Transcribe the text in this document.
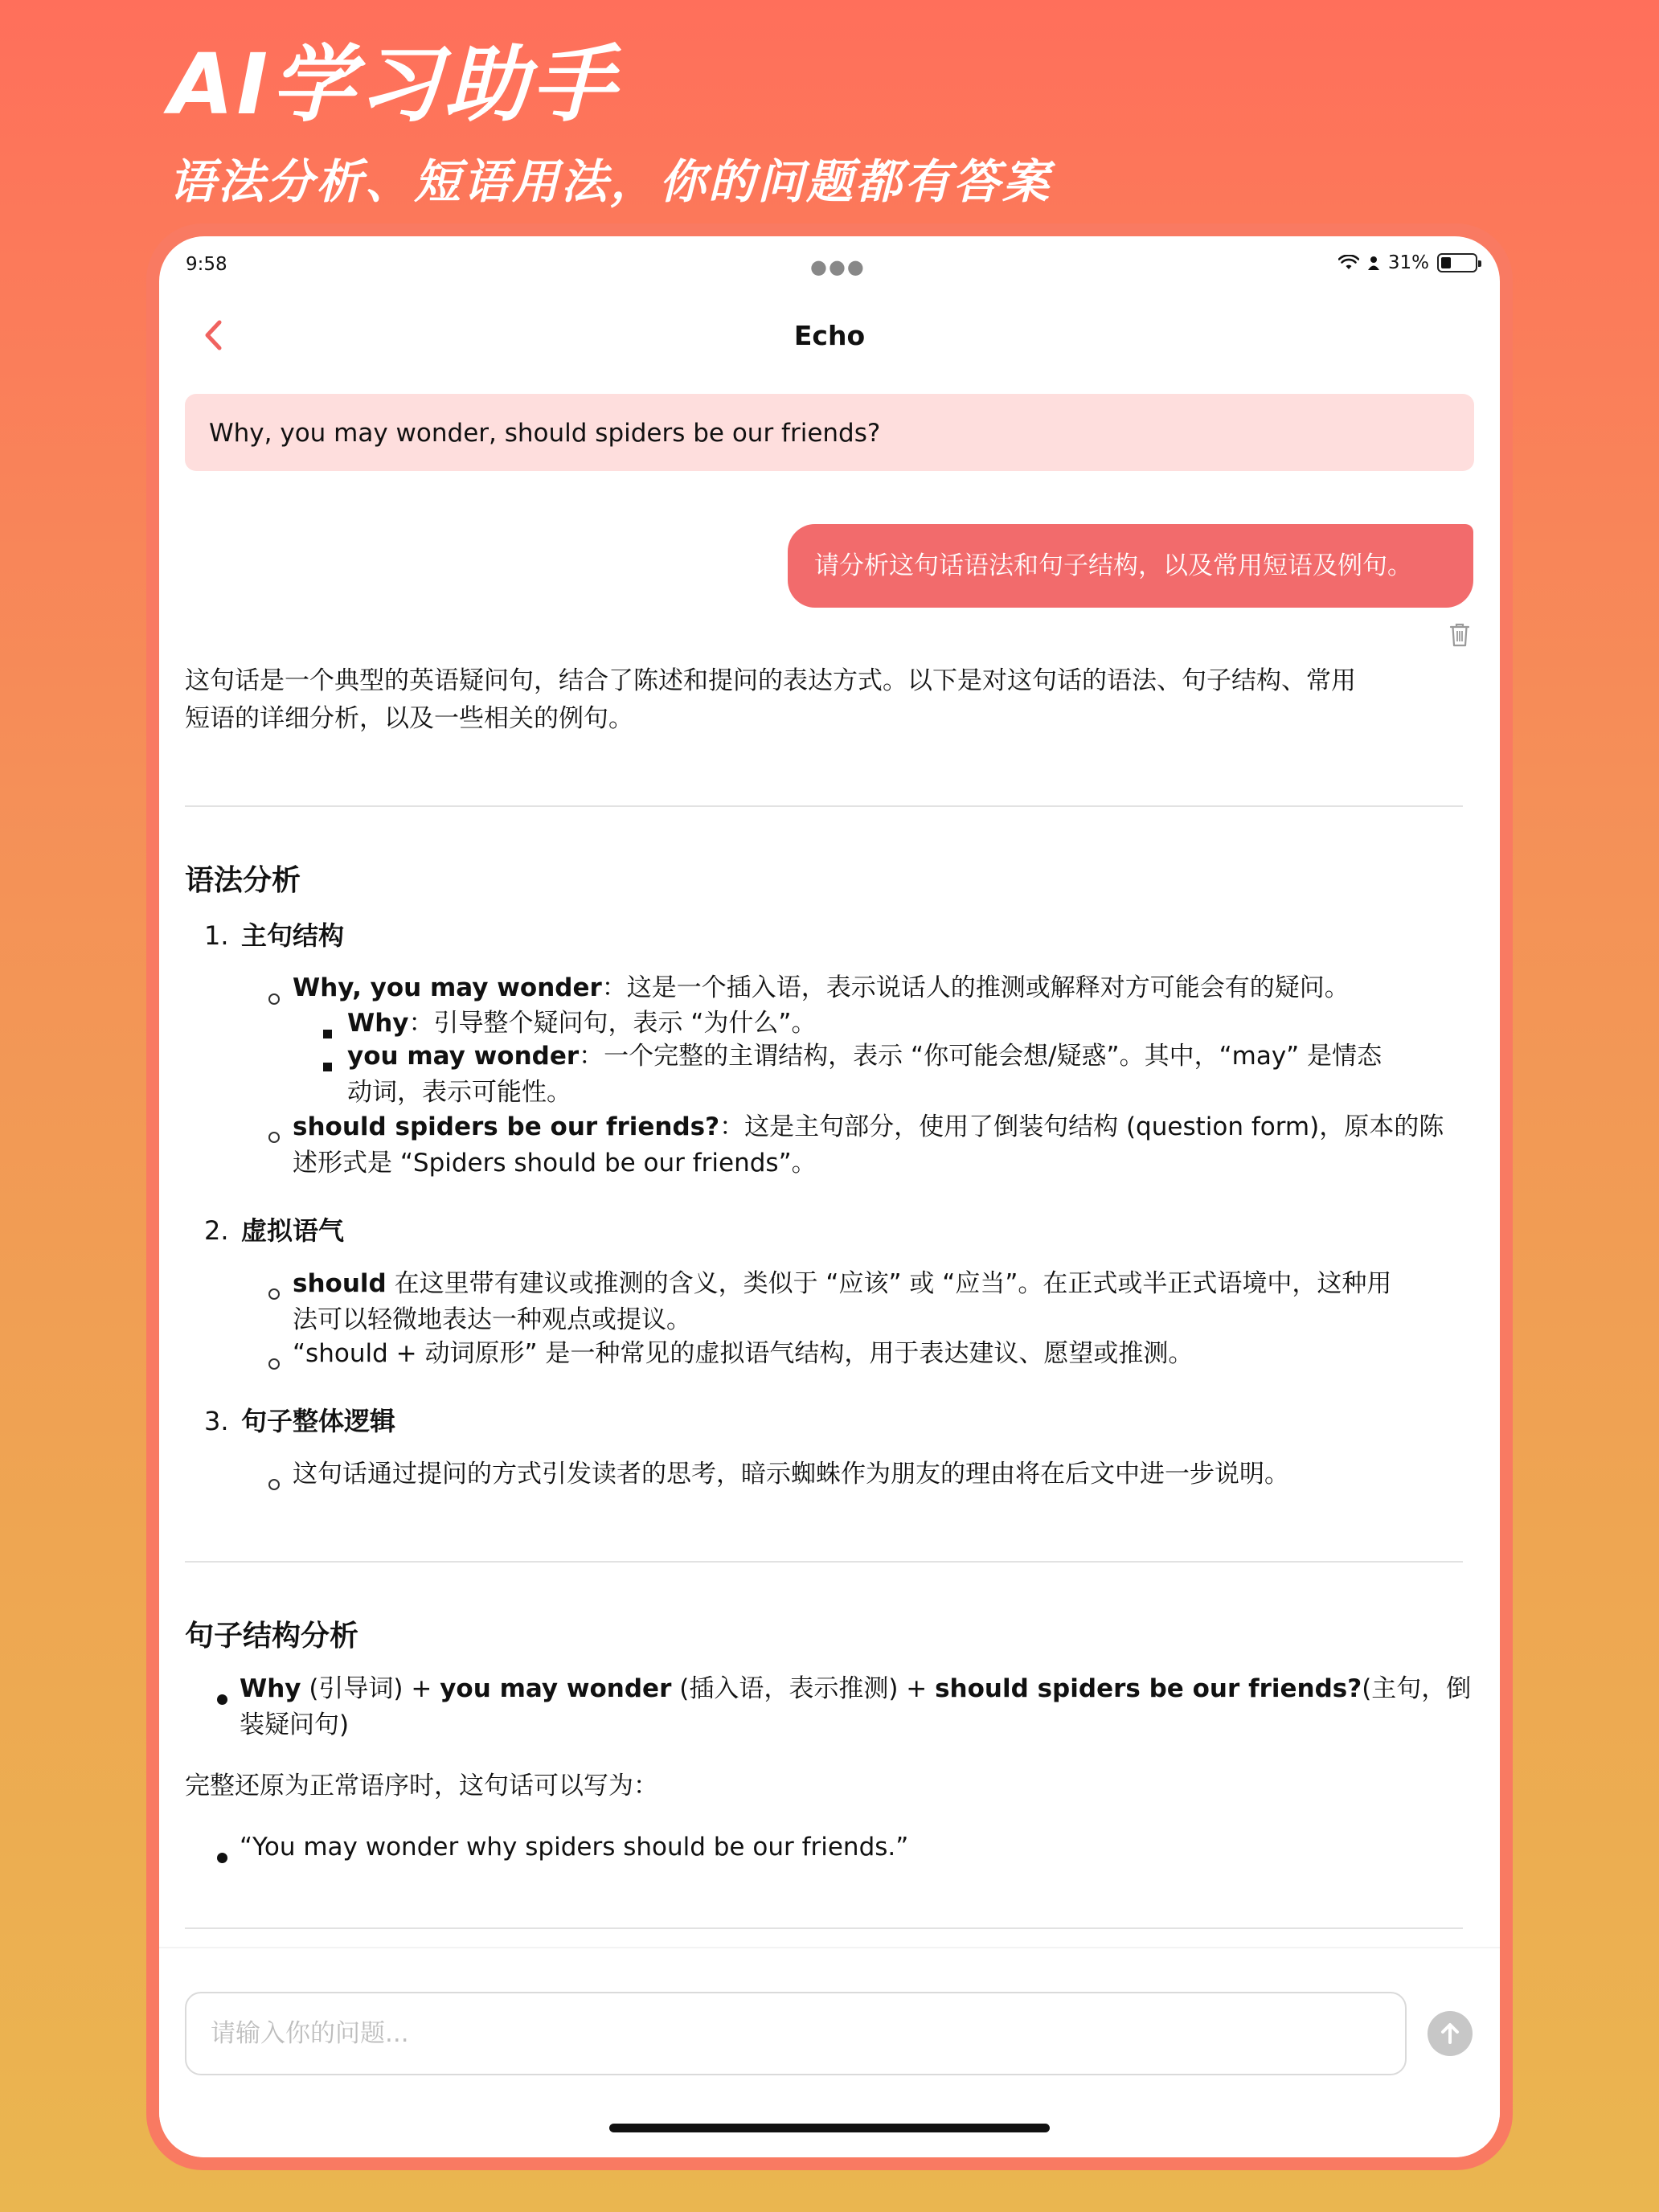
AI学习助手
语法分析、短语用法，你的问题都有答案
9:58	●●●	31%
Echo
Why, you may wonder, should spiders be our friends?
请分析这句话语法和句子结构，以及常用短语及例句。
这句话是一个典型的英语疑问句，结合了陈述和提问的表达方式。以下是对这句话的语法、句子结构、常用
短语的详细分析，以及一些相关的例句。
语法分析
1. 主句结构
Why, you may wonder：这是一个插入语，表示说话人的推测或解释对方可能会有的疑问。
Why：引导整个疑问句，表示 “为什么”。
you may wonder：一个完整的主谓结构，表示 “你可能会想/疑惑”。其中，“may” 是情态
动词，表示可能性。
should spiders be our friends?：这是主句部分，使用了倒装句结构 (question form)，原本的陈
述形式是 “Spiders should be our friends”。
2. 虚拟语气
should 在这里带有建议或推测的含义，类似于 “应该” 或 “应当”。在正式或半正式语境中，这种用
法可以轻微地表达一种观点或提议。
“should + 动词原形” 是一种常见的虚拟语气结构，用于表达建议、愿望或推测。
3. 句子整体逻辑
这句话通过提问的方式引发读者的思考，暗示蜘蛛作为朋友的理由将在后文中进一步说明。
句子结构分析
Why (引导词) + you may wonder (插入语，表示推测) + should spiders be our friends?(主句，倒
装疑问句)
完整还原为正常语序时，这句话可以写为：
“You may wonder why spiders should be our friends.”
请输入你的问题...
